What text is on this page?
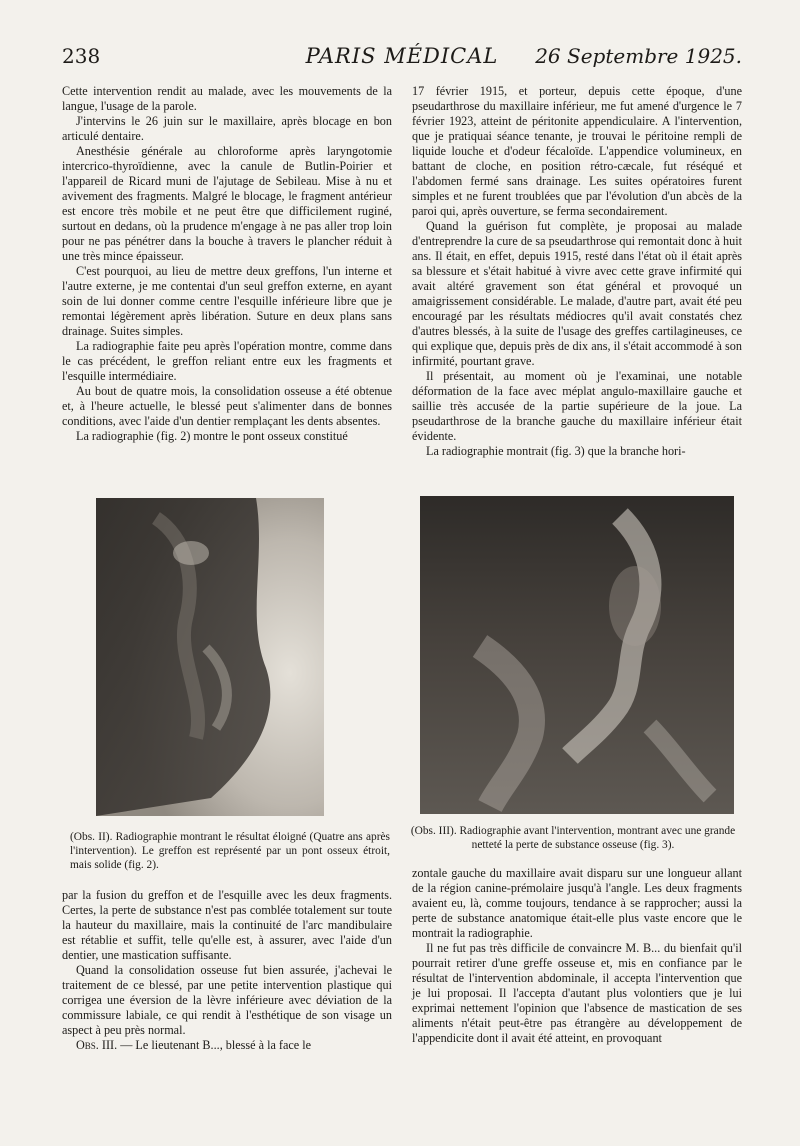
238	PARIS MÉDICAL	26 Septembre 1925.

Cette intervention rendit au malade, avec les mouvements de la langue, l'usage de la parole.

J'intervins le 26 juin sur le maxillaire, après blocage en bon articulé dentaire.

Anesthésie générale au chloroforme après laryngotomie intercrico-thyroïdienne, avec la canule de Butlin-Poirier et l'appareil de Ricard muni de l'ajutage de Sebileau. Mise à nu et avivement des fragments. Malgré le blocage, le fragment antérieur est encore très mobile et ne peut être que difficilement ruginé, surtout en dedans, où la prudence m'engage à ne pas aller trop loin pour ne pas pénétrer dans la bouche à travers le plancher réduit à une très mince épaisseur.

C'est pourquoi, au lieu de mettre deux greffons, l'un interne et l'autre externe, je me contentai d'un seul greffon externe, en ayant soin de lui donner comme centre l'esquille inférieure libre que je remontai légèrement après libération. Suture en deux plans sans drainage. Suites simples.

La radiographie faite peu après l'opération montre, comme dans le cas précédent, le greffon reliant entre eux les fragments et l'esquille intermédiaire.

Au bout de quatre mois, la consolidation osseuse a été obtenue et, à l'heure actuelle, le blessé peut s'alimenter dans de bonnes conditions, avec l'aide d'un dentier remplaçant les dents absentes.

La radiographie (fig. 2) montre le pont osseux constitué

17 février 1915, et porteur, depuis cette époque, d'une pseudarthrose du maxillaire inférieur, me fut amené d'urgence le 7 février 1923, atteint de péritonite appendiculaire. A l'intervention, que je pratiquai séance tenante, je trouvai le péritoine rempli de liquide louche et d'odeur fécaloïde. L'appendice volumineux, en battant de cloche, en position rétro-cæcale, fut réséqué et l'abdomen fermé sans drainage. Les suites opératoires furent simples et ne furent troublées que par l'évolution d'un abcès de la paroi qui, après ouverture, se ferma secondairement.

Quand la guérison fut complète, je proposai au malade d'entreprendre la cure de sa pseudarthrose qui remontait donc à huit ans. Il était, en effet, depuis 1915, resté dans l'état où il était après sa blessure et s'était habitué à vivre avec cette grave infirmité qui avait altéré gravement son état général et provoqué un amaigrissement considérable. Le malade, d'autre part, avait été peu encouragé par les résultats médiocres qu'il avait constatés chez d'autres blessés, à la suite de l'usage des greffes cartilagineuses, ce qui explique que, depuis près de dix ans, il s'était accommodé à son infirmité, pourtant grave.

Il présentait, au moment où je l'examinai, une notable déformation de la face avec méplat angulo-maxillaire gauche et saillie très accusée de la partie supérieure de la joue. La pseudarthrose de la branche gauche du maxillaire inférieur était évidente.

La radiographie montrait (fig. 3) que la branche hori-

(Obs. II). Radiographie montrant le résultat éloigné (Quatre ans après l'intervention). Le greffon est représenté par un pont osseux étroit, mais solide (fig. 2).
(Obs. III). Radiographie avant l'intervention, montrant avec une grande netteté la perte de substance osseuse (fig. 3).

par la fusion du greffon et de l'esquille avec les deux fragments. Certes, la perte de substance n'est pas comblée totalement sur toute la hauteur du maxillaire, mais la continuité de l'arc mandibulaire est rétablie et suffit, telle qu'elle est, à assurer, avec l'aide d'un dentier, une mastication suffisante.

Quand la consolidation osseuse fut bien assurée, j'achevai le traitement de ce blessé, par une petite intervention plastique qui corrigea une éversion de la lèvre inférieure avec déviation de la commissure labiale, ce qui rendit à l'esthétique de son visage un aspect à peu près normal.

Obs. III. — Le lieutenant B..., blessé à la face le

zontale gauche du maxillaire avait disparu sur une longueur allant de la région canine-prémolaire jusqu'à l'angle. Les deux fragments avaient eu, là, comme toujours, tendance à se rapprocher; aussi la perte de substance anatomique était-elle plus vaste encore que le montrait la radiographie.

Il ne fut pas très difficile de convaincre M. B... du bienfait qu'il pourrait retirer d'une greffe osseuse et, mis en confiance par le résultat de l'intervention abdominale, il accepta l'intervention que je lui proposai. Il l'accepta d'autant plus volontiers que je lui exprimai nettement l'opinion que l'absence de mastication de ses aliments n'était peut-être pas étrangère au développement de l'appendicite dont il avait été atteint, en provoquant
